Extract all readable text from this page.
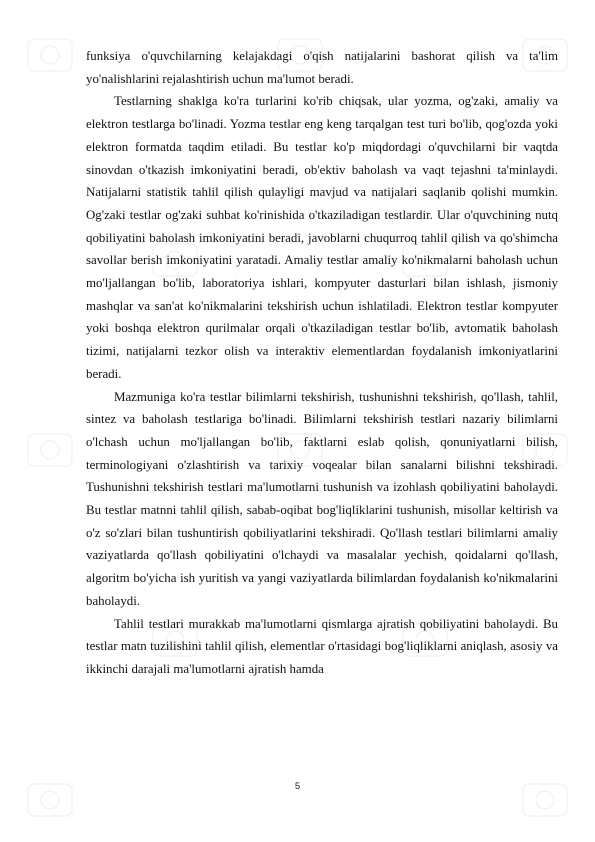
funksiya o'quvchilarning kelajakdagi o'qish natijalarini bashorat qilish va ta'lim yo'nalishlarini rejalashtirish uchun ma'lumot beradi.

Testlarning shaklga ko'ra turlarini ko'rib chiqsak, ular yozma, og'zaki, amaliy va elektron testlarga bo'linadi. Yozma testlar eng keng tarqalgan test turi bo'lib, qog'ozda yoki elektron formatda taqdim etiladi. Bu testlar ko'p miqdordagi o'quvchilarni bir vaqtda sinovdan o'tkazish imkoniyatini beradi, ob'ektiv baholash va vaqt tejashni ta'minlaydi. Natijalarni statistik tahlil qilish qulayligi mavjud va natijalari saqlanib qolishi mumkin. Og'zaki testlar og'zaki suhbat ko'rinishida o'tkaziladigan testlardir. Ular o'quvchining nutq qobiliyatini baholash imkoniyatini beradi, javoblarni chuqurroq tahlil qilish va qo'shimcha savollar berish imkoniyatini yaratadi. Amaliy testlar amaliy ko'nikmalarni baholash uchun mo'ljallangan bo'lib, laboratoriya ishlari, kompyuter dasturlari bilan ishlash, jismoniy mashqlar va san'at ko'nikmalarini tekshirish uchun ishlatiladi. Elektron testlar kompyuter yoki boshqa elektron qurilmalar orqali o'tkaziladigan testlar bo'lib, avtomatik baholash tizimi, natijalarni tezkor olish va interaktiv elementlardan foydalanish imkoniyatlarini beradi.

Mazmuniga ko'ra testlar bilimlarni tekshirish, tushunishni tekshirish, qo'llash, tahlil, sintez va baholash testlariga bo'linadi. Bilimlarni tekshirish testlari nazariy bilimlarni o'lchash uchun mo'ljallangan bo'lib, faktlarni eslab qolish, qonuniyatlarni bilish, terminologiyani o'zlashtirish va tarixiy voqealar bilan sanalarni bilishni tekshiradi. Tushunishni tekshirish testlari ma'lumotlarni tushunish va izohlash qobiliyatini baholaydi. Bu testlar matnni tahlil qilish, sabab-oqibat bog'liqliklarini tushunish, misollar keltirish va o'z so'zlari bilan tushuntirish qobiliyatlarini tekshiradi. Qo'llash testlari bilimlarni amaliy vaziyatlarda qo'llash qobiliyatini o'lchaydi va masalalar yechish, qoidalarni qo'llash, algoritm bo'yicha ish yuritish va yangi vaziyatlarda bilimlardan foydalanish ko'nikmalarini baholaydi.

Tahlil testlari murakkab ma'lumotlarni qismlarga ajratish qobiliyatini baholaydi. Bu testlar matn tuzilishini tahlil qilish, elementlar o'rtasidagi bog'liqliklarni aniqlash, asosiy va ikkinchi darajali ma'lumotlarni ajratish hamda

5
